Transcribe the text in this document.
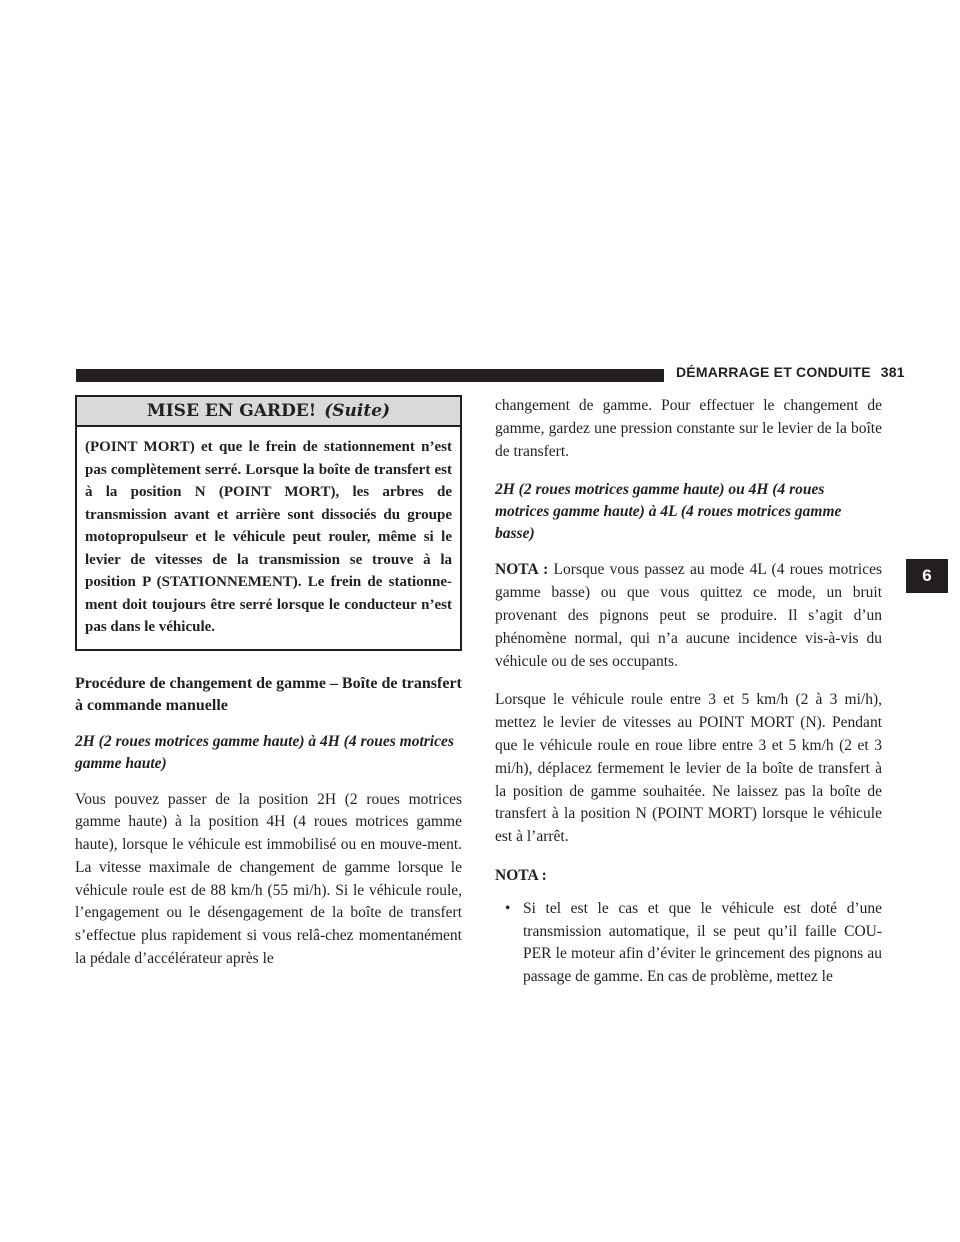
DÉMARRAGE ET CONDUITE 381
6
MISE EN GARDE! (Suite)
(POINT MORT) et que le frein de stationnement n’est pas complètement serré. Lorsque la boîte de transfert est à la position N (POINT MORT), les arbres de transmission avant et arrière sont dissociés du groupe motopropulseur et le véhicule peut rouler, même si le levier de vitesses de la transmission se trouve à la position P (STATIONNEMENT). Le frein de stationne-ment doit toujours être serré lorsque le conducteur n’est pas dans le véhicule.

Procédure de changement de gamme – Boîte de transfert à commande manuelle

2H (2 roues motrices gamme haute) à 4H (4 roues motrices gamme haute)

Vous pouvez passer de la position 2H (2 roues motrices gamme haute) à la position 4H (4 roues motrices gamme haute), lorsque le véhicule est immobilisé ou en mouve-ment. La vitesse maximale de changement de gamme lorsque le véhicule roule est de 88 km/h (55 mi/h). Si le véhicule roule, l’engagement ou le désengagement de la boîte de transfert s’effectue plus rapidement si vous relâ-chez momentanément la pédale d’accélérateur après le

changement de gamme. Pour effectuer le changement de gamme, gardez une pression constante sur le levier de la boîte de transfert.

2H (2 roues motrices gamme haute) ou 4H (4 roues motrices gamme haute) à 4L (4 roues motrices gamme basse)

NOTA : Lorsque vous passez au mode 4L (4 roues motrices gamme basse) ou que vous quittez ce mode, un bruit provenant des pignons peut se produire. Il s’agit d’un phénomène normal, qui n’a aucune incidence vis-à-vis du véhicule ou de ses occupants.

Lorsque le véhicule roule entre 3 et 5 km/h (2 à 3 mi/h), mettez le levier de vitesses au POINT MORT (N). Pendant que le véhicule roule en roue libre entre 3 et 5 km/h (2 et 3 mi/h), déplacez fermement le levier de la boîte de transfert à la position de gamme souhaitée. Ne laissez pas la boîte de transfert à la position N (POINT MORT) lorsque le véhicule est à l’arrêt.

NOTA :

• Si tel est le cas et que le véhicule est doté d’une transmission automatique, il se peut qu’il faille COU-PER le moteur afin d’éviter le grincement des pignons au passage de gamme. En cas de problème, mettez le
